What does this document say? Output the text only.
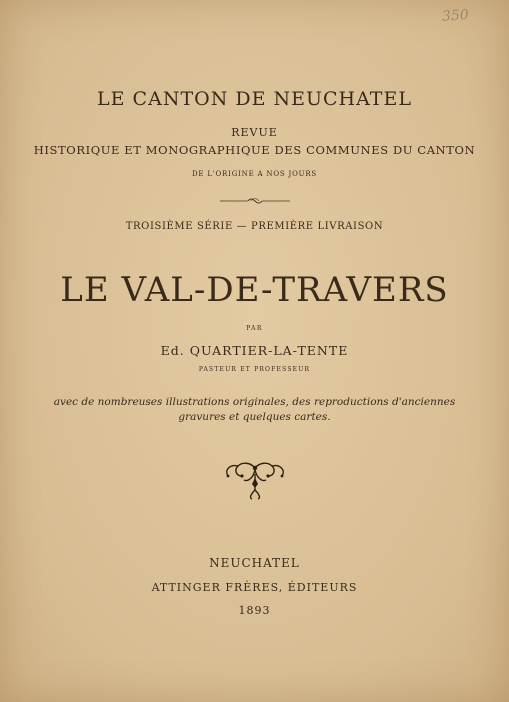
350
LE CANTON DE NEUCHATEL
REVUE
HISTORIQUE ET MONOGRAPHIQUE DES COMMUNES DU CANTON
DE L'ORIGINE A NOS JOURS
TROISIÈME SÉRIE — PREMIÈRE LIVRAISON
LE VAL-DE-TRAVERS
PAR
Ed. QUARTIER-LA-TENTE
PASTEUR ET PROFESSEUR
avec de nombreuses illustrations originales, des reproductions d'anciennes
gravures et quelques cartes.
NEUCHATEL
ATTINGER FRÈRES, ÉDITEURS
1893
